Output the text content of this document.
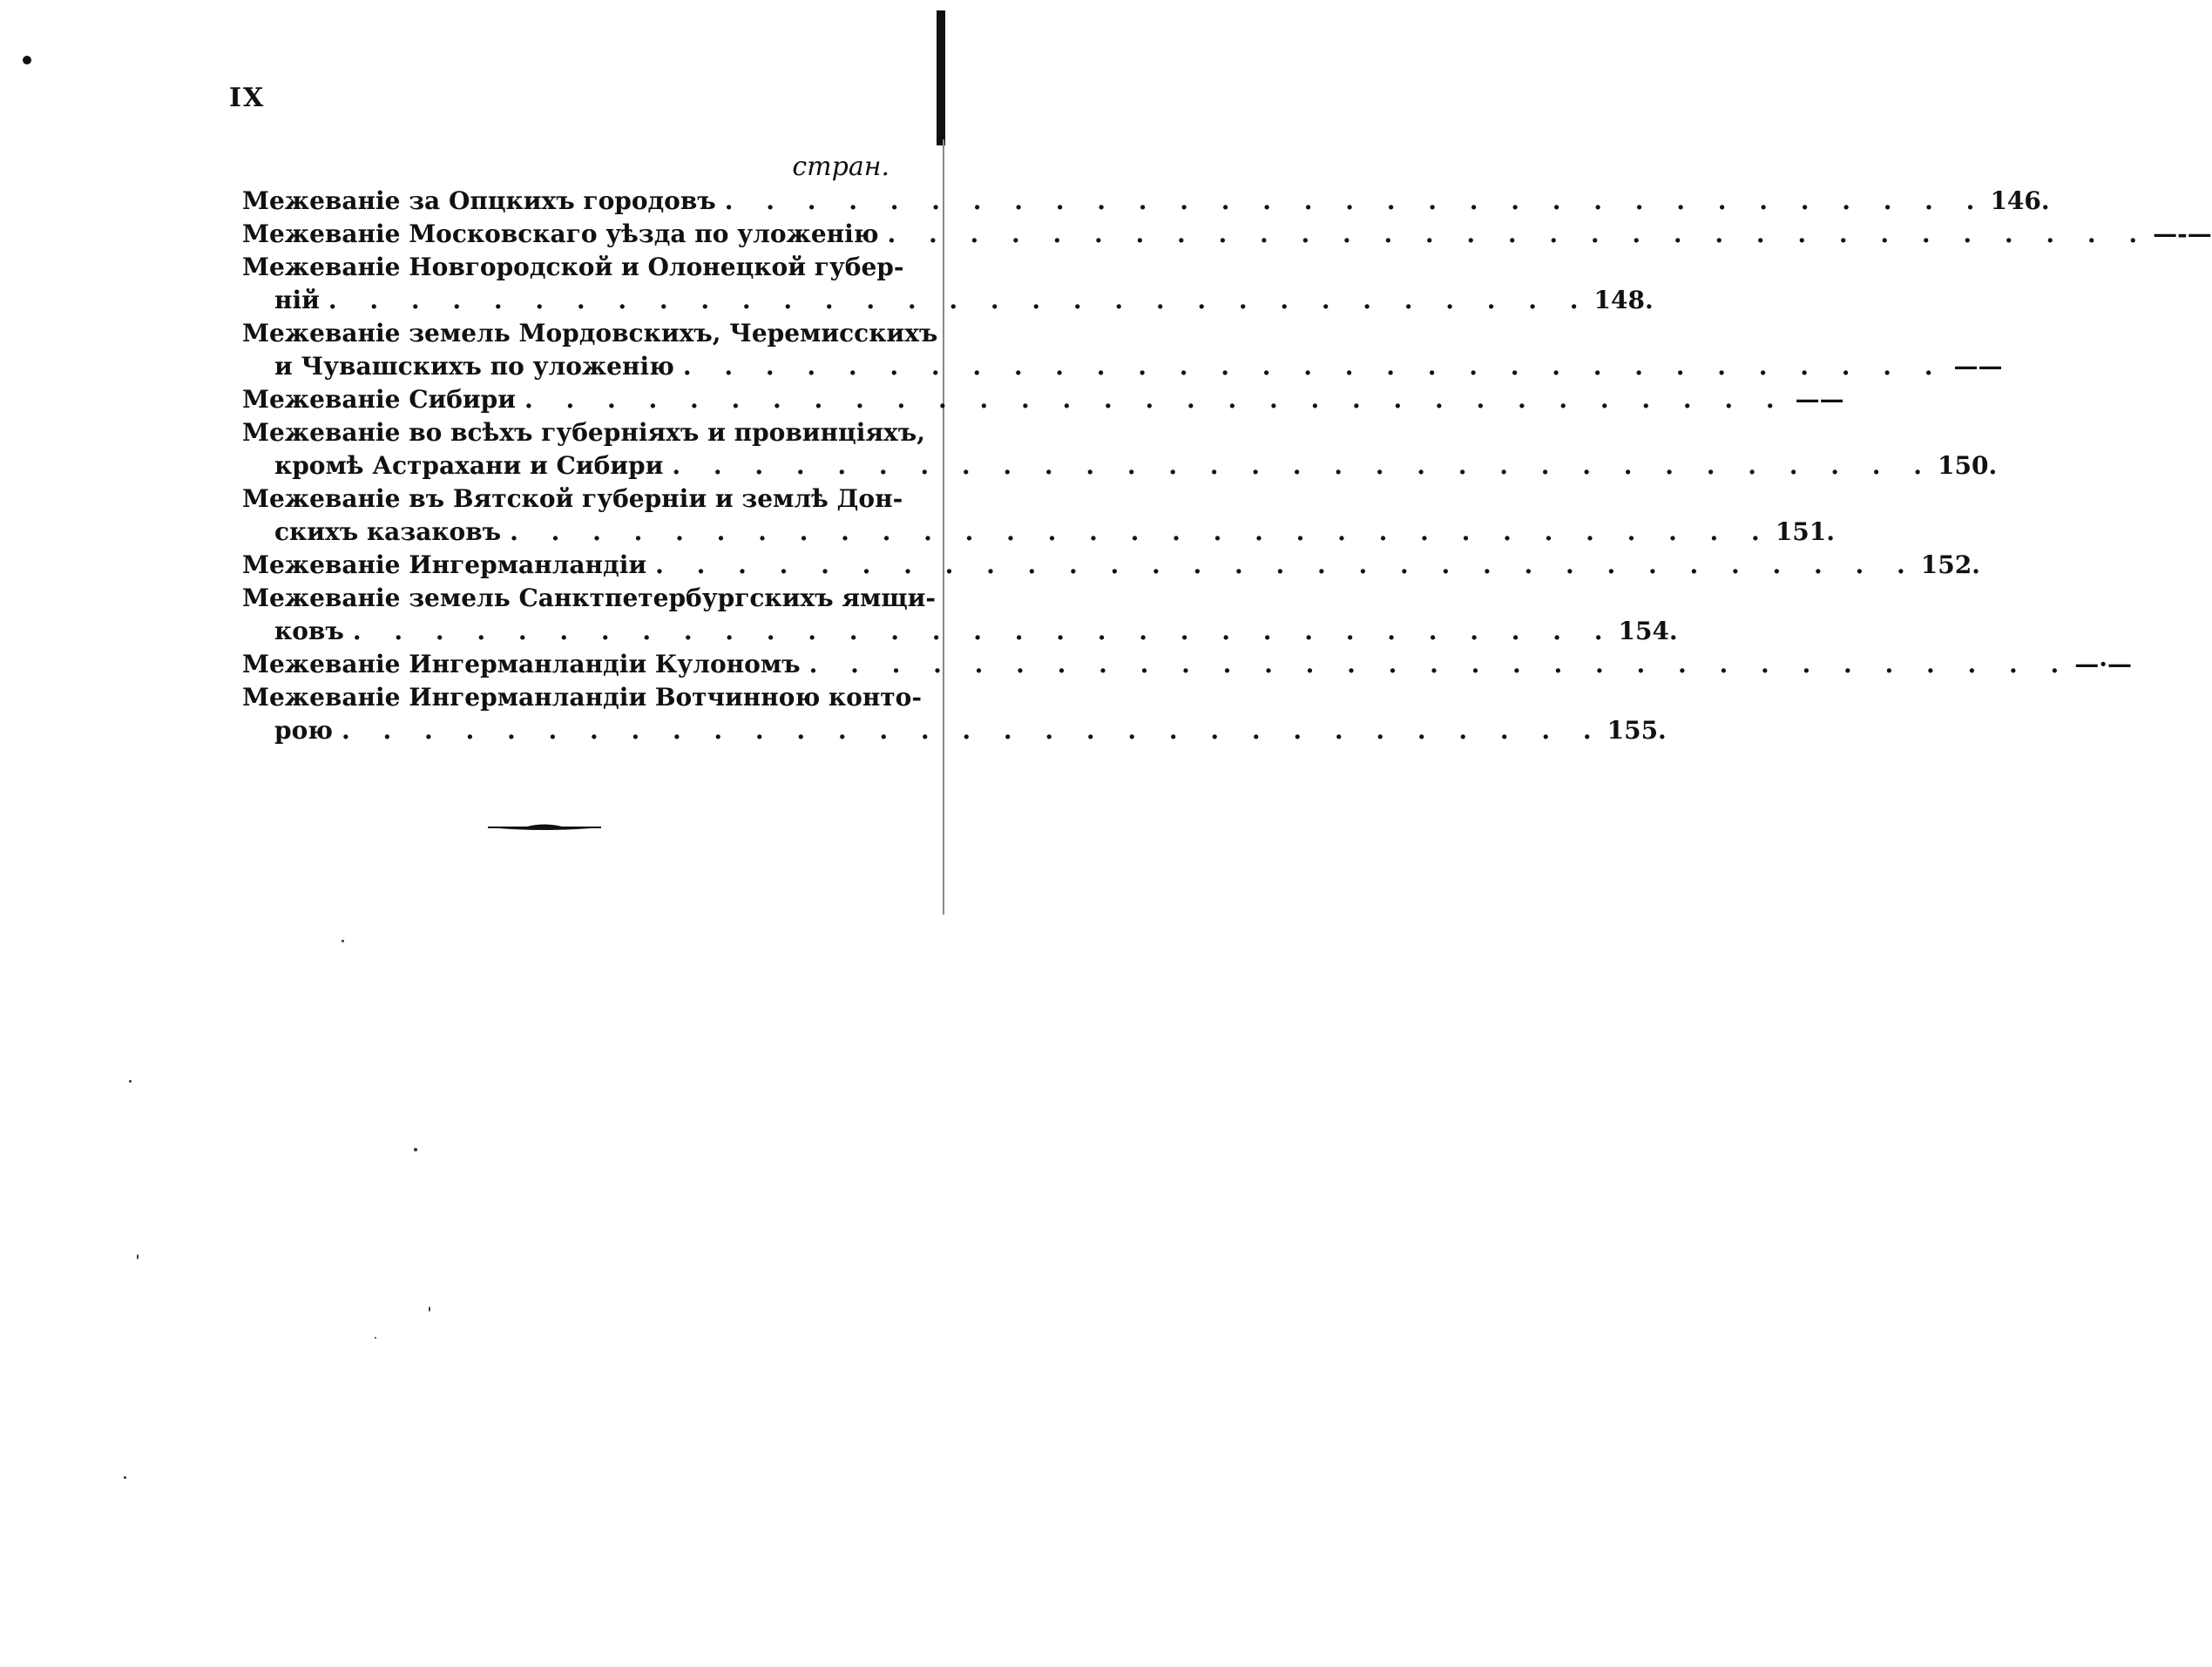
IX
стран.
Межеванiе за Опцкихъ городовъ . . . . . . . . . . . . . . . . . . . . . . . . . . . . . . . 146.
Межеванiе Московскаго уѣзда по уложенiю . . . . . . . . . . . . . . . . . . . . . . . . . . . . . . . —-—
Межеванiе Новгородской и Олонецкой губер-
нiй . . . . . . . . . . . . . . . . . . . . . . . . . . . . . . . 148.
Межеванiе земель Мордовскихъ, Черемисскихъ
и Чувашскихъ по уложенiю . . . . . . . . . . . . . . . . . . . . . . . . . . . . . . . ——
Межеванiе Сибири . . . . . . . . . . . . . . . . . . . . . . . . . . . . . . . ——
Межеванiе во всѣхъ губернiяхъ и провинцiяхъ,
кромѣ Астрахани и Сибири . . . . . . . . . . . . . . . . . . . . . . . . . . . . . . . 150.
Межеванiе въ Вятской губернiи и землѣ Дон-
скихъ казаковъ . . . . . . . . . . . . . . . . . . . . . . . . . . . . . . . 151.
Межеванiе Ингерманландiи . . . . . . . . . . . . . . . . . . . . . . . . . . . . . . . 152.
Межеванiе земель Санктпетербургскихъ ямщи-
ковъ . . . . . . . . . . . . . . . . . . . . . . . . . . . . . . . 154.
Межеванiе Ингерманландiи Кулономъ . . . . . . . . . . . . . . . . . . . . . . . . . . . . . . . —·—
Межеванiе Ингерманландiи Вотчинною конто-
рою . . . . . . . . . . . . . . . . . . . . . . . . . . . . . . . 155.
